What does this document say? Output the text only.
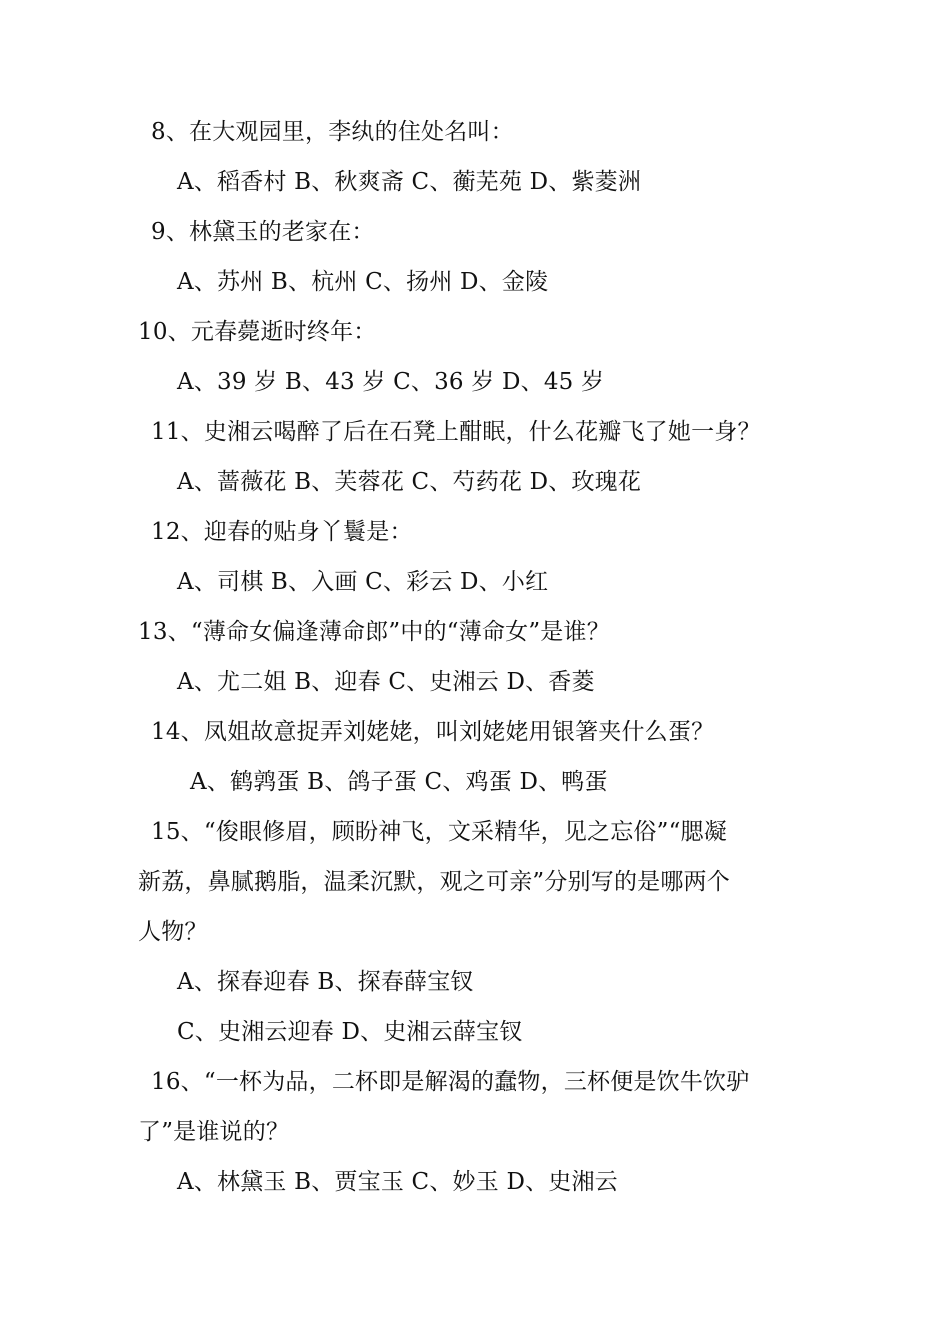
8、在大观园里，李纨的住处名叫：
A、稻香村 B、秋爽斋 C、蘅芜苑 D、紫菱洲
9、林黛玉的老家在：
A、苏州 B、杭州 C、扬州 D、金陵
10、元春薨逝时终年：
A、39 岁 B、43 岁 C、36 岁 D、45 岁
11、史湘云喝醉了后在石凳上酣眠，什么花瓣飞了她一身？
A、蔷薇花 B、芙蓉花 C、芍药花 D、玫瑰花
12、迎春的贴身丫鬟是：
A、司棋 B、入画 C、彩云 D、小红
13、“薄命女偏逢薄命郎”中的“薄命女”是谁？
A、尤二姐 B、迎春 C、史湘云 D、香菱
14、凤姐故意捉弄刘姥姥，叫刘姥姥用银箸夹什么蛋？
A、鹤鹑蛋 B、鸽子蛋 C、鸡蛋 D、鸭蛋
15、“俊眼修眉，顾盼神飞，文采精华，见之忘俗”“腮凝
新荔，鼻腻鹅脂，温柔沉默，观之可亲”分别写的是哪两个
人物？
A、探春迎春 B、探春薛宝钗
C、史湘云迎春 D、史湘云薛宝钗
16、“一杯为品，二杯即是解渴的蠢物，三杯便是饮牛饮驴
了”是谁说的？
A、林黛玉 B、贾宝玉 C、妙玉 D、史湘云
